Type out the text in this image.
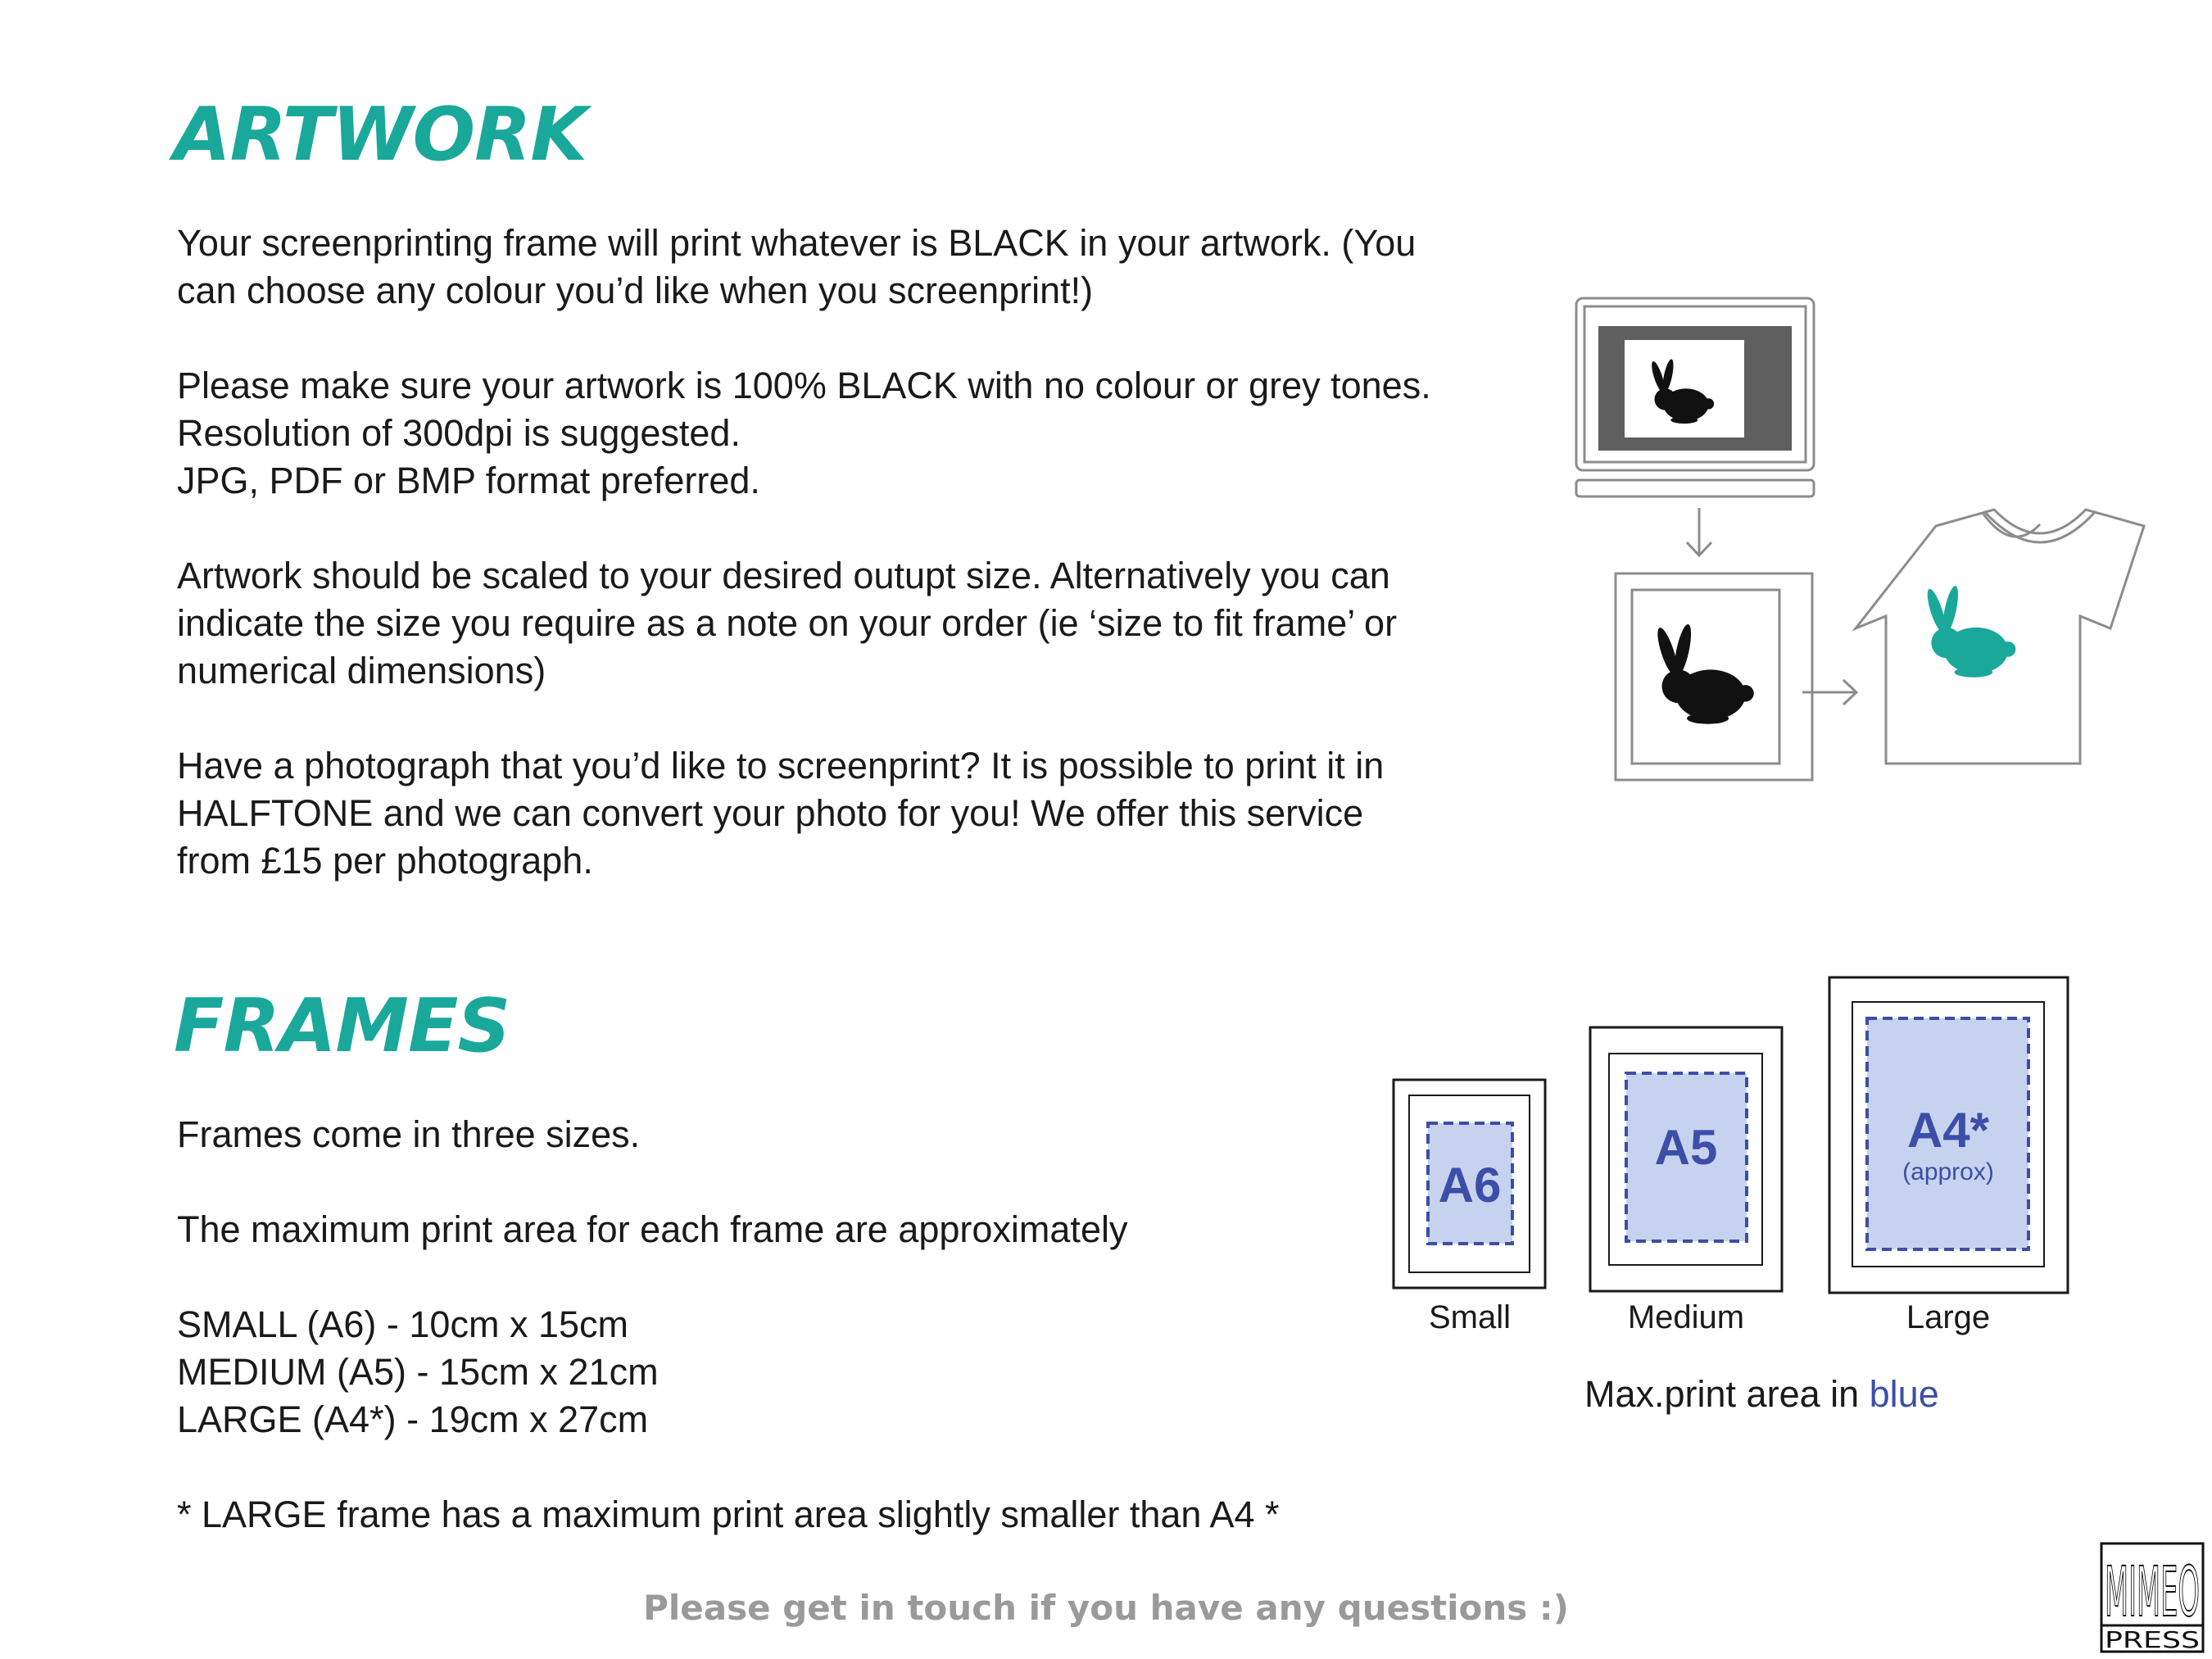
ARTWORK

Your screenprinting frame will print whatever is BLACK in your artwork. (You

can choose any colour you’d like when you screenprint!)

Please make sure your artwork is 100% BLACK with no colour or grey tones.

Resolution of 300dpi is suggested.

JPG, PDF or BMP format preferred.

Artwork should be scaled to your desired outupt size. Alternatively you can

indicate the size you require as a note on your order (ie ‘size to fit frame’ or

numerical dimensions)

Have a photograph that you’d like to screenprint? It is possible to print it in

HALFTONE and we can convert your photo for you! We offer this service

from £15 per photograph.

FRAMES

Frames come in three sizes.

The maximum print area for each frame are approximately

SMALL (A6) - 10cm x 15cm

MEDIUM (A5) - 15cm x 21cm

LARGE (A4*) - 19cm x 27cm

* LARGE frame has a maximum print area slightly smaller than A4 *

A6
A5	A4*
(approx)
Small	Medium	Large
Max.print area in blue
Please get in touch if you have any questions :)	MIMEO
PRESS
